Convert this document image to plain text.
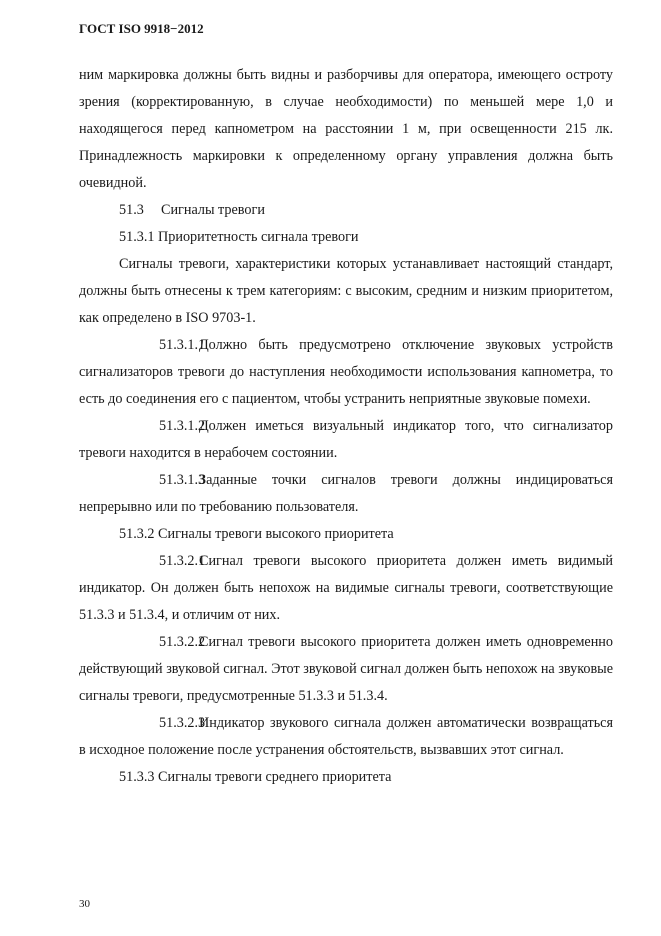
ГОСТ ISO 9918−2012

ним маркировка должны быть видны и разборчивы для оператора, имеющего остроту зрения (корректированную, в случае необходимости) по меньшей мере 1,0 и находящегося перед капнометром на расстоянии 1 м, при освещенности 215 лк. Принадлежность маркировки к определенному органу управления должна быть очевидной.

51.3 Сигналы тревоги

51.3.1 Приоритетность сигнала тревоги

Сигналы тревоги, характеристики которых устанавливает настоящий стандарт, должны быть отнесены к трем категориям: с высоким, средним и низким приоритетом, как определено в ISO 9703-1.

51.3.1.1Должно быть предусмотрено отключение звуковых устройств сигнализаторов тревоги до наступления необходимости использования капнометра, то есть до соединения его с пациентом, чтобы устранить неприятные звуковые помехи.

51.3.1.2Должен иметься визуальный индикатор того, что сигнализатор тревоги находится в нерабочем состоянии.

51.3.1.3Заданные точки сигналов тревоги должны индицироваться непрерывно или по требованию пользователя.

51.3.2 Сигналы тревоги высокого приоритета

51.3.2.1Сигнал тревоги высокого приоритета должен иметь видимый индикатор. Он должен быть непохож на видимые сигналы тревоги, соответствующие 51.3.3 и 51.3.4, и отличим от них.

51.3.2.2Сигнал тревоги высокого приоритета должен иметь одновременно действующий звуковой сигнал. Этот звуковой сигнал должен быть непохож на звуковые сигналы тревоги, предусмотренные 51.3.3 и 51.3.4.

51.3.2.3Индикатор звукового сигнала должен автоматически возвращаться в исходное положение после устранения обстоятельств, вызвавших этот сигнал.

51.3.3 Сигналы тревоги среднего приоритета

30
